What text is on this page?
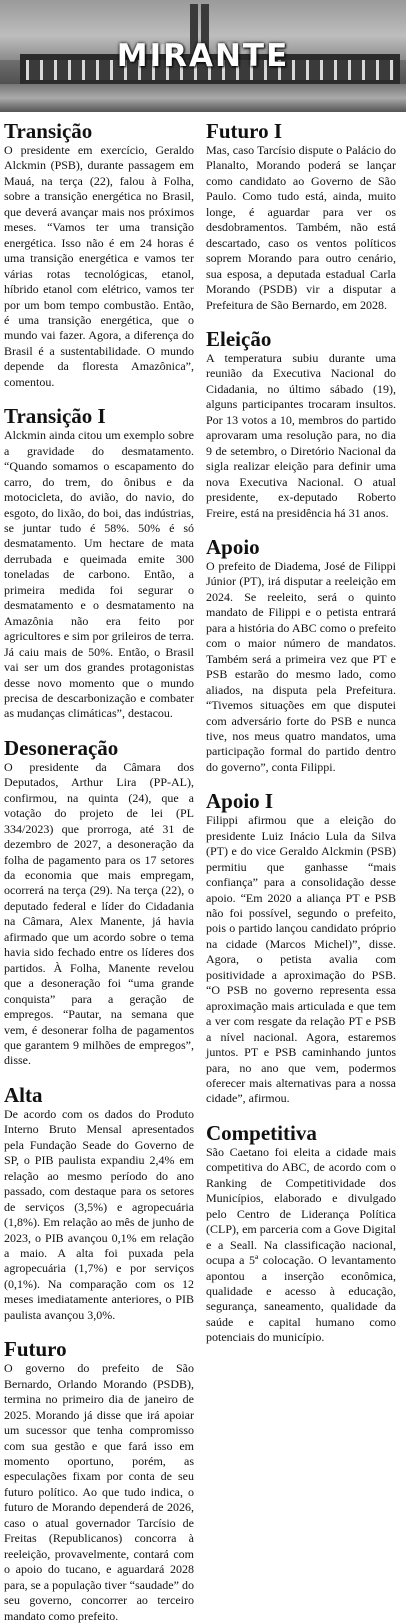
MIRANTE
Transição

O presidente em exercício, Geraldo Alckmin (PSB), durante passagem em Mauá, na terça (22), falou à Folha, sobre a transição energética no Brasil, que deverá avançar mais nos próximos meses. “Vamos ter uma transição energética. Isso não é em 24 horas é uma transição energética e vamos ter várias rotas tecnológicas, etanol, híbrido etanol com elétrico, vamos ter por um bom tempo combustão. Então, é uma transição energética, que o mundo vai fazer. Agora, a diferença do Brasil é a sustentabilidade. O mundo depende da floresta Amazônica”, comentou.

Transição I

Alckmin ainda citou um exemplo sobre a gravidade do desmatamento. “Quando somamos o escapamento do carro, do trem, do ônibus e da motocicleta, do avião, do navio, do esgoto, do lixão, do boi, das indústrias, se juntar tudo é 58%. 50% é só desmatamento. Um hectare de mata derrubada e queimada emite 300 toneladas de carbono. Então, a primeira medida foi segurar o desmatamento e o desmatamento na Amazônia não era feito por agricultores e sim por grileiros de terra. Já caiu mais de 50%. Então, o Brasil vai ser um dos grandes protagonistas desse novo momento que o mundo precisa de descarbonização e combater as mudanças climáticas”, destacou.

Desoneração

O presidente da Câmara dos Deputados, Arthur Lira (PP-AL), confirmou, na quinta (24), que a votação do projeto de lei (PL 334/2023) que prorroga, até 31 de dezembro de 2027, a desoneração da folha de pagamento para os 17 setores da economia que mais empregam, ocorrerá na terça (29). Na terça (22), o deputado federal e líder do Cidadania na Câmara, Alex Manente, já havia afirmado que um acordo sobre o tema havia sido fechado entre os líderes dos partidos. À Folha, Manente revelou que a desoneração foi “uma grande conquista” para a geração de empregos. “Pautar, na semana que vem, é desonerar folha de pagamentos que garantem 9 milhões de empregos”, disse.

Alta

De acordo com os dados do Produto Interno Bruto Mensal apresentados pela Fundação Seade do Governo de SP, o PIB paulista expandiu 2,4% em relação ao mesmo período do ano passado, com destaque para os setores de serviços (3,5%) e agropecuária (1,8%). Em relação ao mês de junho de 2023, o PIB avançou 0,1% em relação a maio. A alta foi puxada pela agropecuária (1,7%) e por serviços (0,1%). Na comparação com os 12 meses imediatamente anteriores, o PIB paulista avançou 3,0%.

Futuro

O governo do prefeito de São Bernardo, Orlando Morando (PSDB), termina no primeiro dia de janeiro de 2025. Morando já disse que irá apoiar um sucessor que tenha compromisso com sua gestão e que fará isso em momento oportuno, porém, as especulações fixam por conta de seu futuro político. Ao que tudo indica, o futuro de Morando dependerá de 2026, caso o atual governador Tarcísio de Freitas (Republicanos) concorra à reeleição, provavelmente, contará com o apoio do tucano, e aguardará 2028 para, se a população tiver “saudade” do seu governo, concorrer ao terceiro mandato como prefeito.

Futuro I

Mas, caso Tarcísio dispute o Palácio do Planalto, Morando poderá se lançar como candidato ao Governo de São Paulo. Como tudo está, ainda, muito longe, é aguardar para ver os desdobramentos. Também, não está descartado, caso os ventos políticos soprem Morando para outro cenário, sua esposa, a deputada estadual Carla Morando (PSDB) vir a disputar a Prefeitura de São Bernardo, em 2028.

Eleição

A temperatura subiu durante uma reunião da Executiva Nacional do Cidadania, no último sábado (19), alguns participantes trocaram insultos. Por 13 votos a 10, membros do partido aprovaram uma resolução para, no dia 9 de setembro, o Diretório Nacional da sigla realizar eleição para definir uma nova Executiva Nacional. O atual presidente, ex-deputado Roberto Freire, está na presidência há 31 anos.

Apoio

O prefeito de Diadema, José de Filippi Júnior (PT), irá disputar a reeleição em 2024. Se reeleito, será o quinto mandato de Filippi e o petista entrará para a história do ABC como o prefeito com o maior número de mandatos. Também será a primeira vez que PT e PSB estarão do mesmo lado, como aliados, na disputa pela Prefeitura. “Tivemos situações em que disputei com adversário forte do PSB e nunca tive, nos meus quatro mandatos, uma participação formal do partido dentro do governo”, conta Filippi.

Apoio I

Filippi afirmou que a eleição do presidente Luiz Inácio Lula da Silva (PT) e do vice Geraldo Alckmin (PSB) permitiu que ganhasse “mais confiança” para a consolidação desse apoio. “Em 2020 a aliança PT e PSB não foi possível, segundo o prefeito, pois o partido lançou candidato próprio na cidade (Marcos Michel)”, disse. Agora, o petista avalia com positividade a aproximação do PSB. “O PSB no governo representa essa aproximação mais articulada e que tem a ver com resgate da relação PT e PSB a nível nacional. Agora, estaremos juntos. PT e PSB caminhando juntos para, no ano que vem, podermos oferecer mais alternativas para a nossa cidade”, afirmou.

Competitiva

São Caetano foi eleita a cidade mais competitiva do ABC, de acordo com o Ranking de Competitividade dos Municípios, elaborado e divulgado pelo Centro de Liderança Política (CLP), em parceria com a Gove Digital e a Seall. Na classificação nacional, ocupa a 5ª colocação. O levantamento apontou a inserção econômica, qualidade e acesso à educação, segurança, saneamento, qualidade da saúde e capital humano como potenciais do município.
